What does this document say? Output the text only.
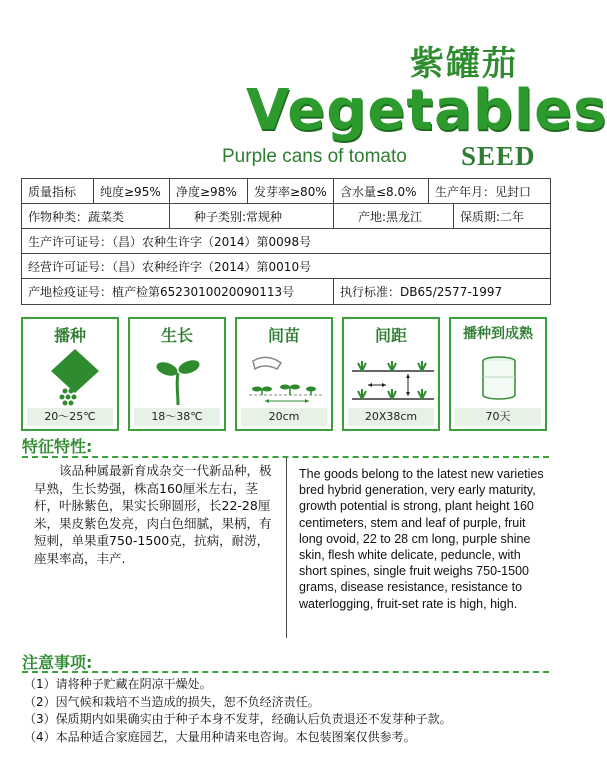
紫罐茄
Vegetables
Purple cans of tomato SEED
质量指标	纯度≥95%	净度≥98%	发芽率≥80%	含水量≤8.0%	生产年月：见封口
作物种类：蔬菜类	种子类别:常规种	产地:黑龙江	保质期:二年
生产许可证号：（昌）农种生许字（2014）第0098号
经营许可证号：（昌）农种经许字（2014）第0010号
产地检疫证号：植产检第6523010020090113号	执行标准：DB65/2577-1997
播种
20～25℃
生长
18～38℃
间苗
20cm
间距
20X38cm
播种到成熟
70天
特征特性:
该品种属最新育成杂交一代新品种，极早熟，生长势强，株高160厘米左右，茎杆，叶脉紫色，果实长卵圆形，长22-28厘米，果皮紫色发亮，肉白色细腻，果柄，有短刺，单果重750-1500克，抗病，耐涝，座果率高，丰产.
The goods belong to the latest new varieties bred hybrid generation, very early maturity, growth potential is strong, plant height 160 centimeters, stem and leaf of purple, fruit long ovoid, 22 to 28 cm long, purple shine skin, flesh white delicate, peduncle, with short spines, single fruit weighs 750-1500 grams, disease resistance, resistance to waterlogging, fruit-set rate is high, high.
注意事项:
（1）请将种子贮藏在阴凉干燥处。
（2）因气候和栽培不当造成的损失，恕不负经济责任。
（3）保质期内如果确实由于种子本身不发芽，经确认后负责退还不发芽种子款。
（4）本品种适合家庭园艺，大量用种请来电咨询。本包装图案仅供参考。
